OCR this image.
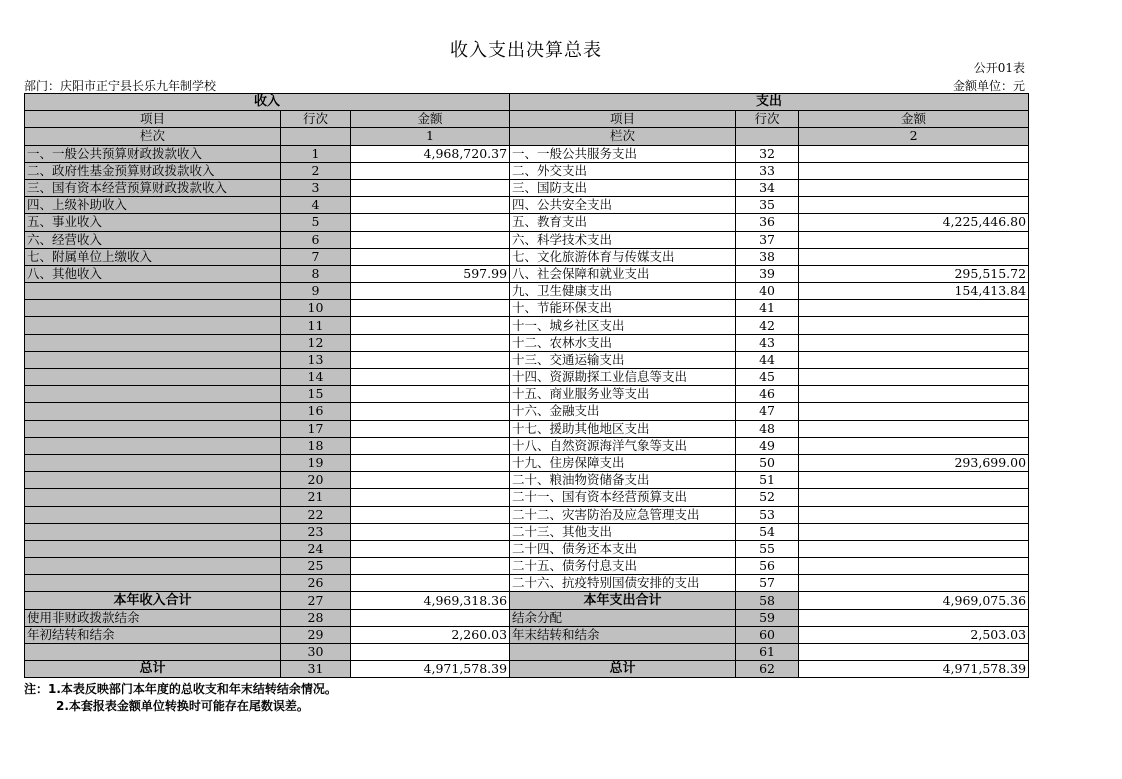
收入支出决算总表
公开01表
部门：庆阳市正宁县长乐九年制学校	金额单位：元
收入			支出		
项目	行次	金额	项目	行次	金额
栏次		1	栏次		2
一、一般公共预算财政拨款收入	1	4,968,720.37	一、一般公共服务支出	32	
二、政府性基金预算财政拨款收入	2		二、外交支出	33	
三、国有资本经营预算财政拨款收入	3		三、国防支出	34	
四、上级补助收入	4		四、公共安全支出	35	
五、事业收入	5		五、教育支出	36	4,225,446.80
六、经营收入	6		六、科学技术支出	37	
七、附属单位上缴收入	7		七、文化旅游体育与传媒支出	38	
八、其他收入	8	597.99	八、社会保障和就业支出	39	295,515.72
	9		九、卫生健康支出	40	154,413.84
	10		十、节能环保支出	41	
	11		十一、城乡社区支出	42	
	12		十二、农林水支出	43	
	13		十三、交通运输支出	44	
	14		十四、资源勘探工业信息等支出	45	
	15		十五、商业服务业等支出	46	
	16		十六、金融支出	47	
	17		十七、援助其他地区支出	48	
	18		十八、自然资源海洋气象等支出	49	
	19		十九、住房保障支出	50	293,699.00
	20		二十、粮油物资储备支出	51	
	21		二十一、国有资本经营预算支出	52	
	22		二十二、灾害防治及应急管理支出	53	
	23		二十三、其他支出	54	
	24		二十四、债务还本支出	55	
	25		二十五、债务付息支出	56	
	26		二十六、抗疫特别国债安排的支出	57	
本年收入合计	27	4,969,318.36	本年支出合计	58	4,969,075.36
使用非财政拨款结余	28		结余分配	59	
年初结转和结余	29	2,260.03	年末结转和结余	60	2,503.03
	30			61	
总计	31	4,971,578.39	总计	62	4,971,578.39
注：1.本表反映部门本年度的总收支和年末结转结余情况。
2.本套报表金额单位转换时可能存在尾数误差。
